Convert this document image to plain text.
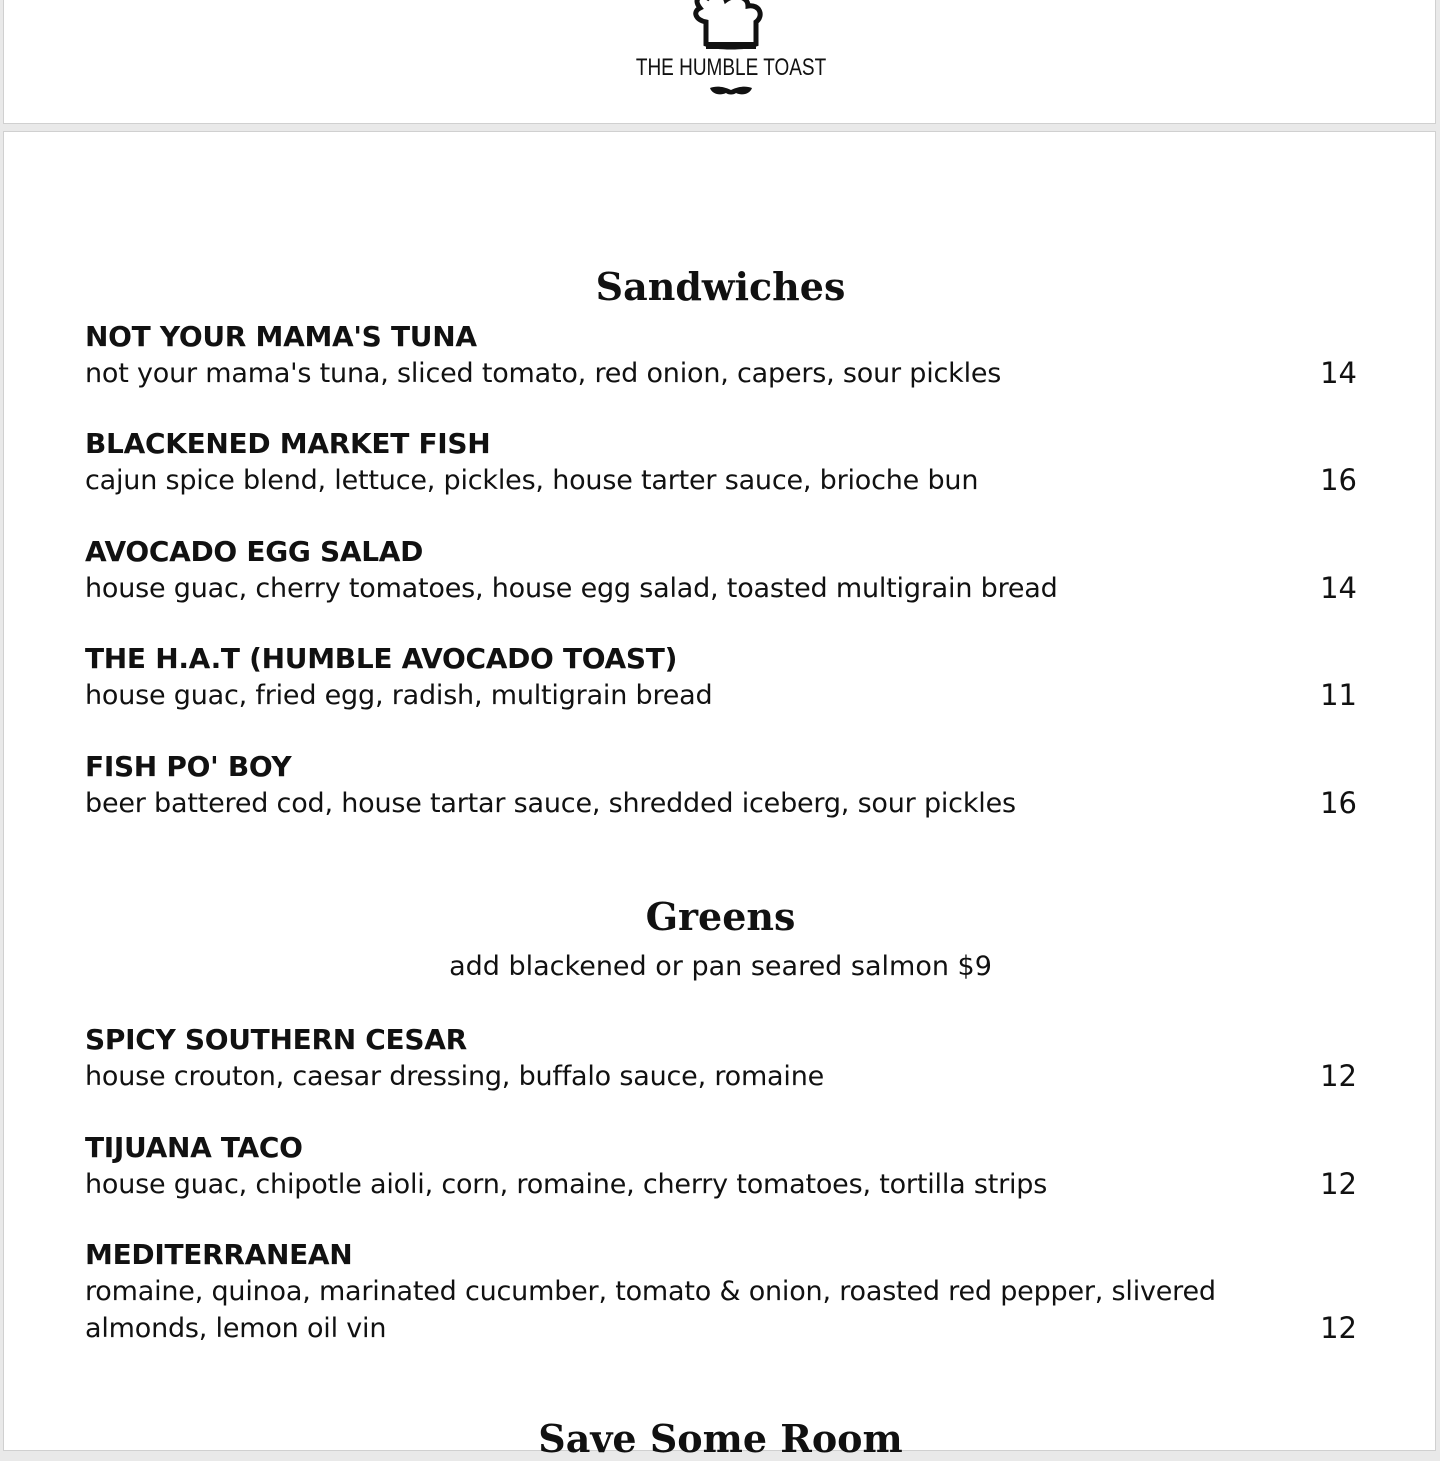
THE HUMBLE TOAST
Sandwiches
NOT YOUR MAMA'S TUNA
not your mama's tuna, sliced tomato, red onion, capers, sour pickles	14
BLACKENED MARKET FISH
cajun spice blend, lettuce, pickles, house tarter sauce, brioche bun	16
AVOCADO EGG SALAD
house guac, cherry tomatoes, house egg salad, toasted multigrain bread	14
THE H.A.T (HUMBLE AVOCADO TOAST)
house guac, fried egg, radish, multigrain bread	11
FISH PO' BOY
beer battered cod, house tartar sauce, shredded iceberg, sour pickles	16
Greens
add blackened or pan seared salmon $9
SPICY SOUTHERN CESAR
house crouton, caesar dressing, buffalo sauce, romaine	12
TIJUANA TACO
house guac, chipotle aioli, corn, romaine, cherry tomatoes, tortilla strips	12
MEDITERRANEAN
romaine, quinoa, marinated cucumber, tomato & onion, roasted red pepper, slivered almonds, lemon oil vin	12
Save Some Room
